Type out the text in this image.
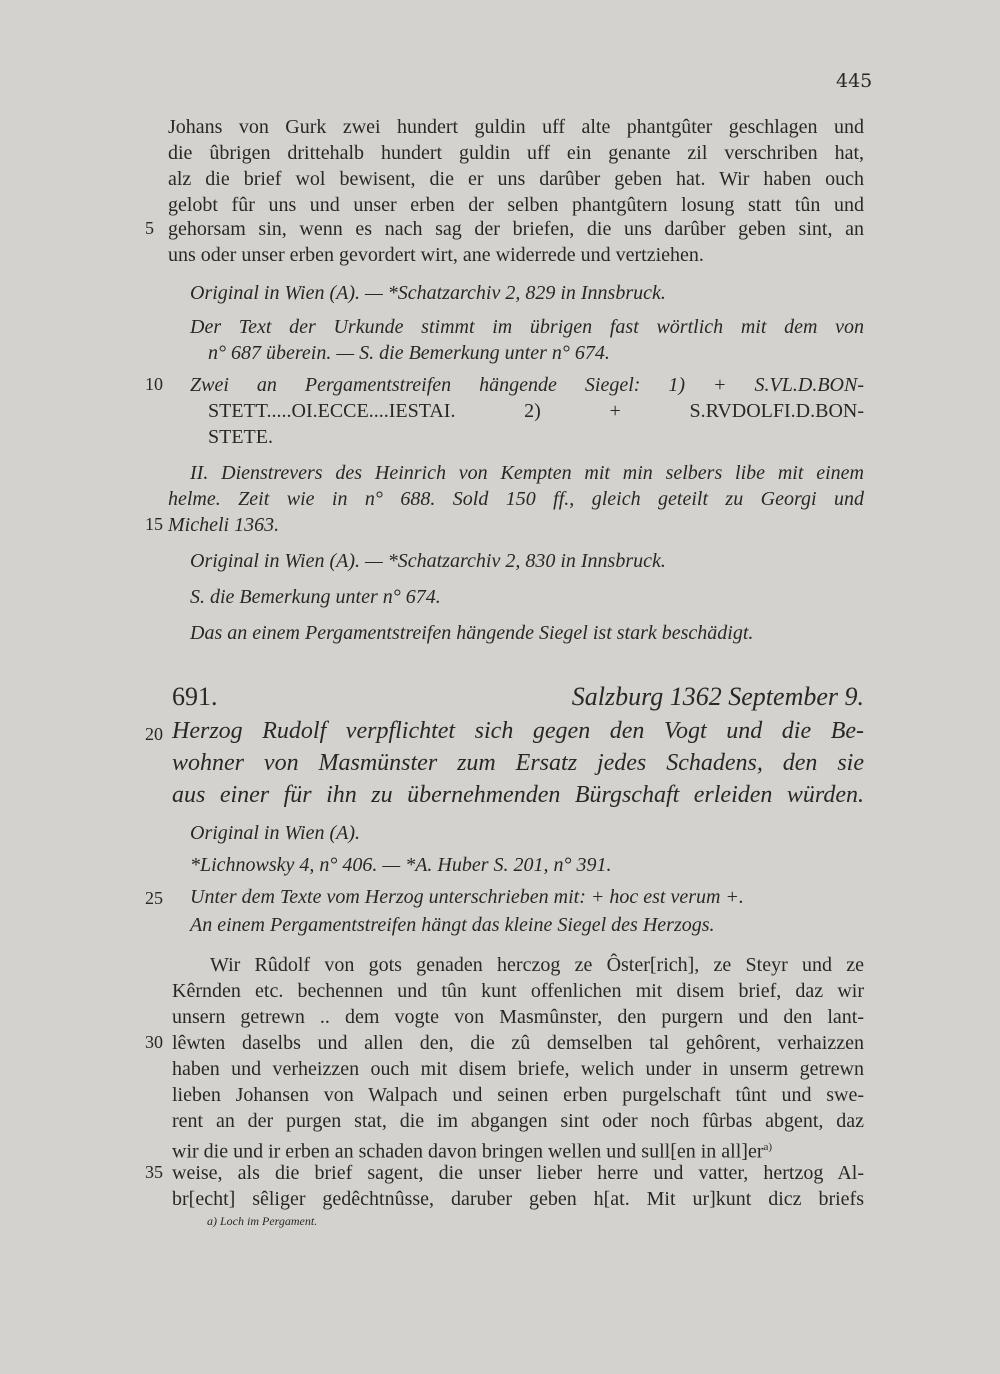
445
Johans von Gurk zwei hundert guldin uff alte phantgûter geschlagen und
die ûbrigen drittehalb hundert guldin uff ein genante zil verschriben hat,
alz die brief wol bewisent, die er uns darûber geben hat. Wir haben ouch
gelobt fûr uns und unser erben der selben phantgûtern losung statt tûn und
5 gehorsam sin, wenn es nach sag der briefen, die uns darûber geben sint, an
uns oder unser erben gevordert wirt, ane widerrede und vertziehen.
Original in Wien (A). — *Schatzarchiv 2, 829 in Innsbruck.
Der Text der Urkunde stimmt im übrigen fast wörtlich mit dem von
n° 687 überein. — S. die Bemerkung unter n° 674.
10	Zwei an Pergamentstreifen hängende Siegel: 1) + S.VL.D.BON-
STETT.....OI.ECCE....IESTAI. 2) + S.RVDOLFI.D.BON-
STETE.
II. Dienstrevers des Heinrich von Kempten mit min selbers libe mit einem
helme. Zeit wie in n° 688. Sold 150 ff., gleich geteilt zu Georgi und
15 Micheli 1363.
Original in Wien (A). — *Schatzarchiv 2, 830 in Innsbruck.
S. die Bemerkung unter n° 674.
Das an einem Pergamentstreifen hängende Siegel ist stark beschädigt.
691.	Salzburg 1362 September 9.
20 Herzog Rudolf verpflichtet sich gegen den Vogt und die Be-
wohner von Masmünster zum Ersatz jedes Schadens, den sie
aus einer für ihn zu übernehmenden Bürgschaft erleiden würden.
Original in Wien (A).
*Lichnowsky 4, n° 406. — *A. Huber S. 201, n° 391.
25	Unter dem Texte vom Herzog unterschrieben mit: + hoc est verum +.
An einem Pergamentstreifen hängt das kleine Siegel des Herzogs.
Wir Rûdolf von gots genaden herczog ze Ôster[rich], ze Steyr und ze
Kêrnden etc. bechennen und tûn kunt offenlichen mit disem brief, daz wir
unsern getrewn .. dem vogte von Masmûnster, den purgern und den lant-
30 lêwten daselbs und allen den, die zû demselben tal gehôrent, verhaizzen
haben und verheizzen ouch mit disem briefe, welich under in unserm getrewn
lieben Johansen von Walpach und seinen erben purgelschaft tûnt und swe-
rent an der purgen stat, die im abgangen sint oder noch fûrbas abgent, daz
wir die und ir erben an schaden davon bringen wellen und sull[en in $all]er^{a)}$
35 weise, als die brief sagent, die unser lieber herre und vatter, hertzog Al-
br[echt] sêliger gedêchtnûsse, daruber geben h[at. Mit ur]kunt dicz briefs
a) Loch im Pergament.
